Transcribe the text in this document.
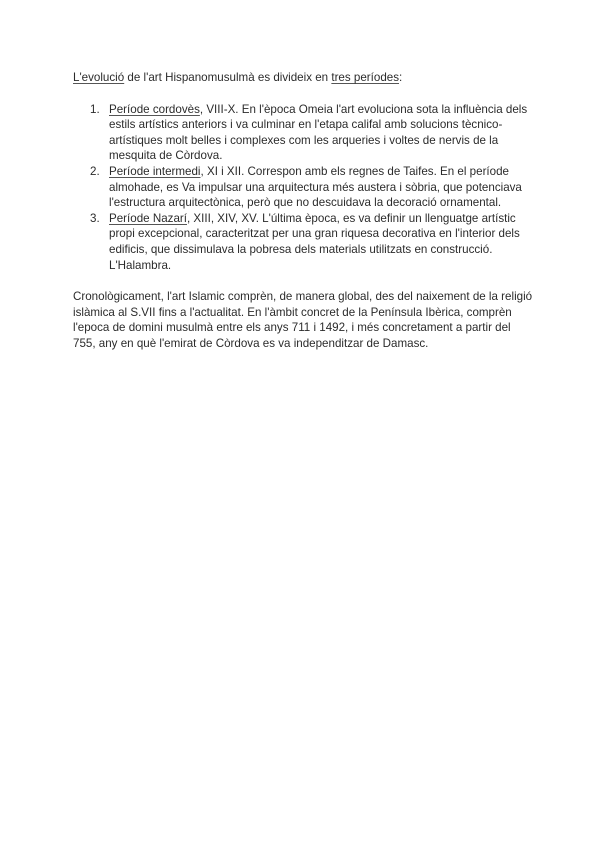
L'evolució de l'art Hispanomusulmà es divideix en tres períodes:

1. Període cordovès, VIII-X. En l'època Omeia l'art evoluciona sota la influència dels estils artístics anteriors i va culminar en l'etapa califal amb solucions tècnico-artístiques molt belles i complexes com les arqueries i voltes de nervis de la mesquita de Còrdova.
2. Període intermedi, XI i XII. Correspon amb els regnes de Taifes. En el període almohade, es Va impulsar una arquitectura més austera i sòbria, que potenciava l'estructura arquitectònica, però que no descuidava la decoració ornamental.
3. Període Nazarí, XIII, XIV, XV. L'última època, es va definir un llenguatge artístic propi excepcional, caracteritzat per una gran riquesa decorativa en l'interior dels edificis, que dissimulava la pobresa dels materials utilitzats en construcció. L'Halambra.

Cronològicament, l'art Islamic comprèn, de manera global, des del naixement de la religió islàmica al S.VII fins a l'actualitat. En l'àmbit concret de la Península Ibèrica, comprèn l'epoca de domini musulmà entre els anys 711 i 1492, i més concretament a partir del 755, any en què l'emirat de Còrdova es va independitzar de Damasc.
